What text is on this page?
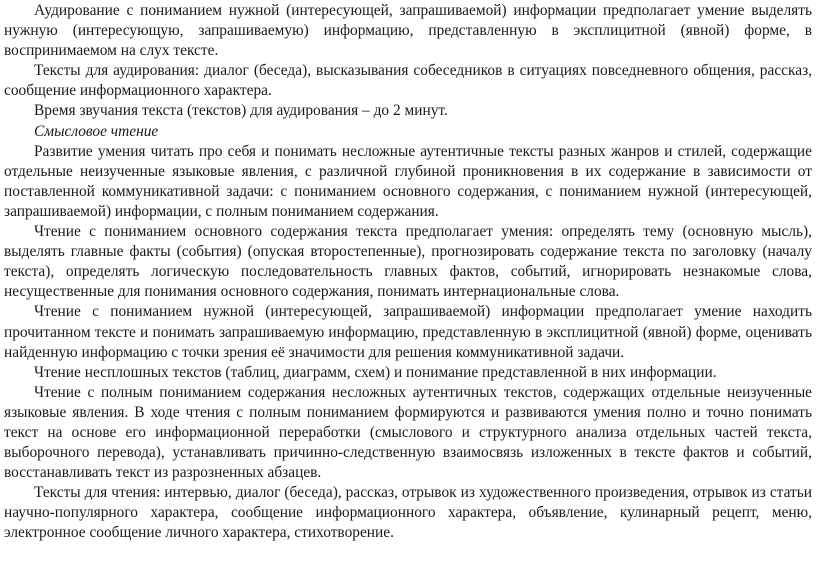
Аудирование с пониманием нужной (интересующей, запрашиваемой) информации предполагает умение выделять нужную (интересующую, запрашиваемую) информацию, представленную в эксплицитной (явной) форме, в воспринимаемом на слух тексте.

Тексты для аудирования: диалог (беседа), высказывания собеседников в ситуациях повседневного общения, рассказ, сообщение информационного характера.

Время звучания текста (текстов) для аудирования – до 2 минут.

Смысловое чтение

Развитие умения читать про себя и понимать несложные аутентичные тексты разных жанров и стилей, содержащие отдельные неизученные языковые явления, с различной глубиной проникновения в их содержание в зависимости от поставленной коммуникативной задачи: с пониманием основного содержания, с пониманием нужной (интересующей, запрашиваемой) информации, с полным пониманием содержания.

Чтение с пониманием основного содержания текста предполагает умения: определять тему (основную мысль), выделять главные факты (события) (опуская второстепенные), прогнозировать содержание текста по заголовку (началу текста), определять логическую последовательность главных фактов, событий, игнорировать незнакомые слова, несущественные для понимания основного содержания, понимать интернациональные слова.

Чтение с пониманием нужной (интересующей, запрашиваемой) информации предполагает умение находить прочитанном тексте и понимать запрашиваемую информацию, представленную в эксплицитной (явной) форме, оценивать найденную информацию с точки зрения её значимости для решения коммуникативной задачи.

Чтение несплошных текстов (таблиц, диаграмм, схем) и понимание представленной в них информации.

Чтение с полным пониманием содержания несложных аутентичных текстов, содержащих отдельные неизученные языковые явления. В ходе чтения с полным пониманием формируются и развиваются умения полно и точно понимать текст на основе его информационной переработки (смыслового и структурного анализа отдельных частей текста, выборочного перевода), устанавливать причинно-следственную взаимосвязь изложенных в тексте фактов и событий, восстанавливать текст из разрозненных абзацев.

Тексты для чтения: интервью, диалог (беседа), рассказ, отрывок из художественного произведения, отрывок из статьи научно-популярного характера, сообщение информационного характера, объявление, кулинарный рецепт, меню, электронное сообщение личного характера, стихотворение.
